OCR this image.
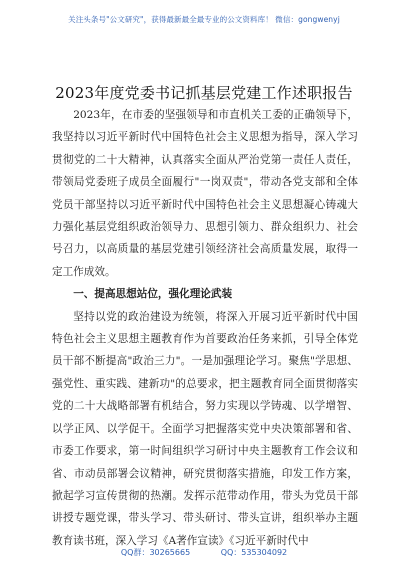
关注头条号"公文研究"，获得最新最全最专业的公文资料库！ 微信：gongwenyj
2023年度党委书记抓基层党建工作述职报告

2023年，在市委的坚强领导和市直机关工委的正确领导下，我坚持以习近平新时代中国特色社会主义思想为指导，深入学习贯彻党的二十大精神，认真落实全面从严治党第一责任人责任，带领局党委班子成员全面履行"一岗双责"，带动各党支部和全体党员干部坚持以习近平新时代中国特色社会主义思想凝心铸魂大力强化基层党组织政治领导力、思想引领力、群众组织力、社会号召力，以高质量的基层党建引领经济社会高质量发展，取得一定工作成效。

一、提高思想站位，强化理论武装

坚持以党的政治建设为统领，将深入开展习近平新时代中国特色社会主义思想主题教育作为首要政治任务来抓，引导全体党员干部不断提高"政治三力"。一是加强理论学习。聚焦"学思想、强党性、重实践、建新功"的总要求，把主题教育同全面贯彻落实党的二十大战略部署有机结合，努力实现以学铸魂、以学增智、以学正风、以学促干。全面学习把握落实党中央决策部署和省、市委工作要求，第一时间组织学习研讨中央主题教育工作会议和省、市动员部署会议精神，研究贯彻落实措施，印发工作方案，掀起学习宣传贯彻的热潮。发挥示范带动作用，带头为党员干部讲授专题党课，带头学习、带头研讨、带头宣讲，组织举办主题教育读书班，深入学习《A著作宣读》《习近平新时代中

QQ群：30265665	QQ：535304092
